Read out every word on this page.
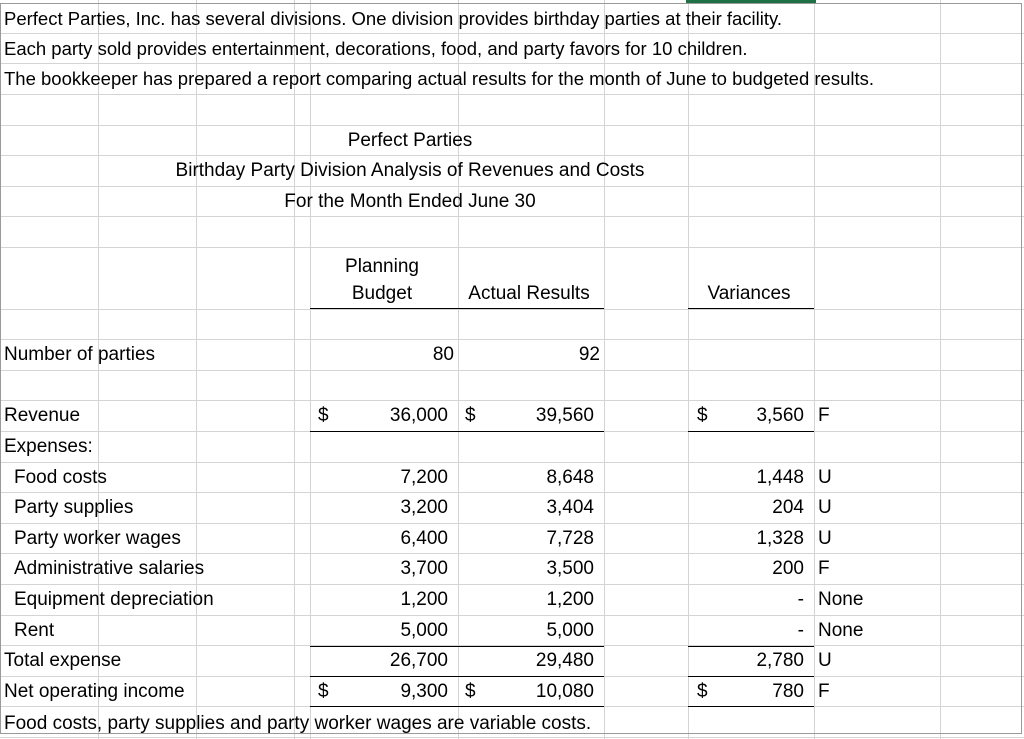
Perfect Parties, Inc. has several divisions. One division provides birthday parties at their facility.
Each party sold provides entertainment, decorations, food, and party favors for 10 children.
The bookkeeper has prepared a report comparing actual results for the month of June to budgeted results.
Perfect Parties
Birthday Party Division Analysis of Revenues and Costs
For the Month Ended June 30
Planning
Budget	Actual Results	Variances
Number of parties	80	92
Revenue	$	36,000 $	39,560	$	3,560 F
Expenses:
Food costs	7,200	8,648	1,448 U
Party supplies	3,200	3,404	204 U
Party worker wages	6,400	7,728	1,328 U
Administrative salaries	3,700	3,500	200 F
Equipment depreciation	1,200	1,200	- None
Rent	5,000	5,000	- None
Total expense	26,700	29,480	2,780 U
Net operating income	$	9,300 $	10,080	$	780 F
Food costs, party supplies and party worker wages are variable costs.
